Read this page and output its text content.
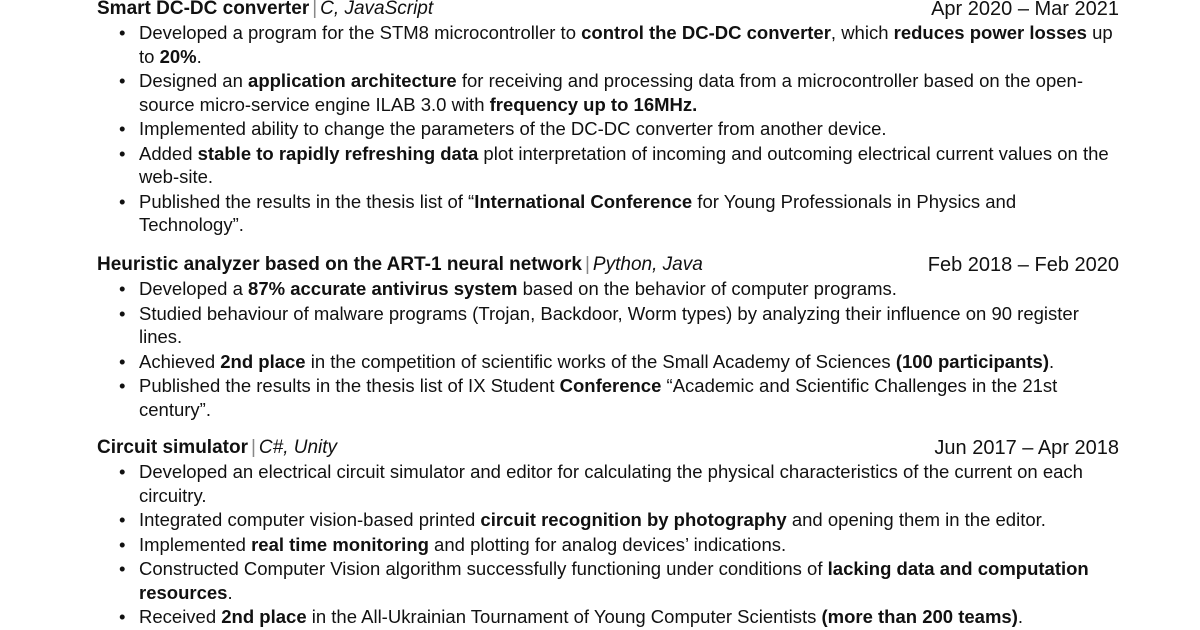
Smart DC-DC converter | C, JavaScript	Apr 2020 – Mar 2021
• Developed a program for the STM8 microcontroller to control the DC-DC converter, which reduces power losses up to 20%.
• Designed an application architecture for receiving and processing data from a microcontroller based on the open-source micro-service engine ILAB 3.0 with frequency up to 16MHz.
• Implemented ability to change the parameters of the DC-DC converter from another device.
• Added stable to rapidly refreshing data plot interpretation of incoming and outcoming electrical current values on the web-site.
• Published the results in the thesis list of “International Conference for Young Professionals in Physics and Technology”.
Heuristic analyzer based on the ART-1 neural network | Python, Java	Feb 2018 – Feb 2020
• Developed a 87% accurate antivirus system based on the behavior of computer programs.
• Studied behaviour of malware programs (Trojan, Backdoor, Worm types) by analyzing their influence on 90 register lines.
• Achieved 2nd place in the competition of scientific works of the Small Academy of Sciences (100 participants).
• Published the results in the thesis list of IX Student Conference “Academic and Scientific Challenges in the 21st century”.
Circuit simulator | C#, Unity	Jun 2017 – Apr 2018
• Developed an electrical circuit simulator and editor for calculating the physical characteristics of the current on each circuitry.
• Integrated computer vision-based printed circuit recognition by photography and opening them in the editor.
• Implemented real time monitoring and plotting for analog devices’ indications.
• Constructed Computer Vision algorithm successfully functioning under conditions of lacking data and computation resources.
• Received 2nd place in the All-Ukrainian Tournament of Young Computer Scientists (more than 200 teams).
